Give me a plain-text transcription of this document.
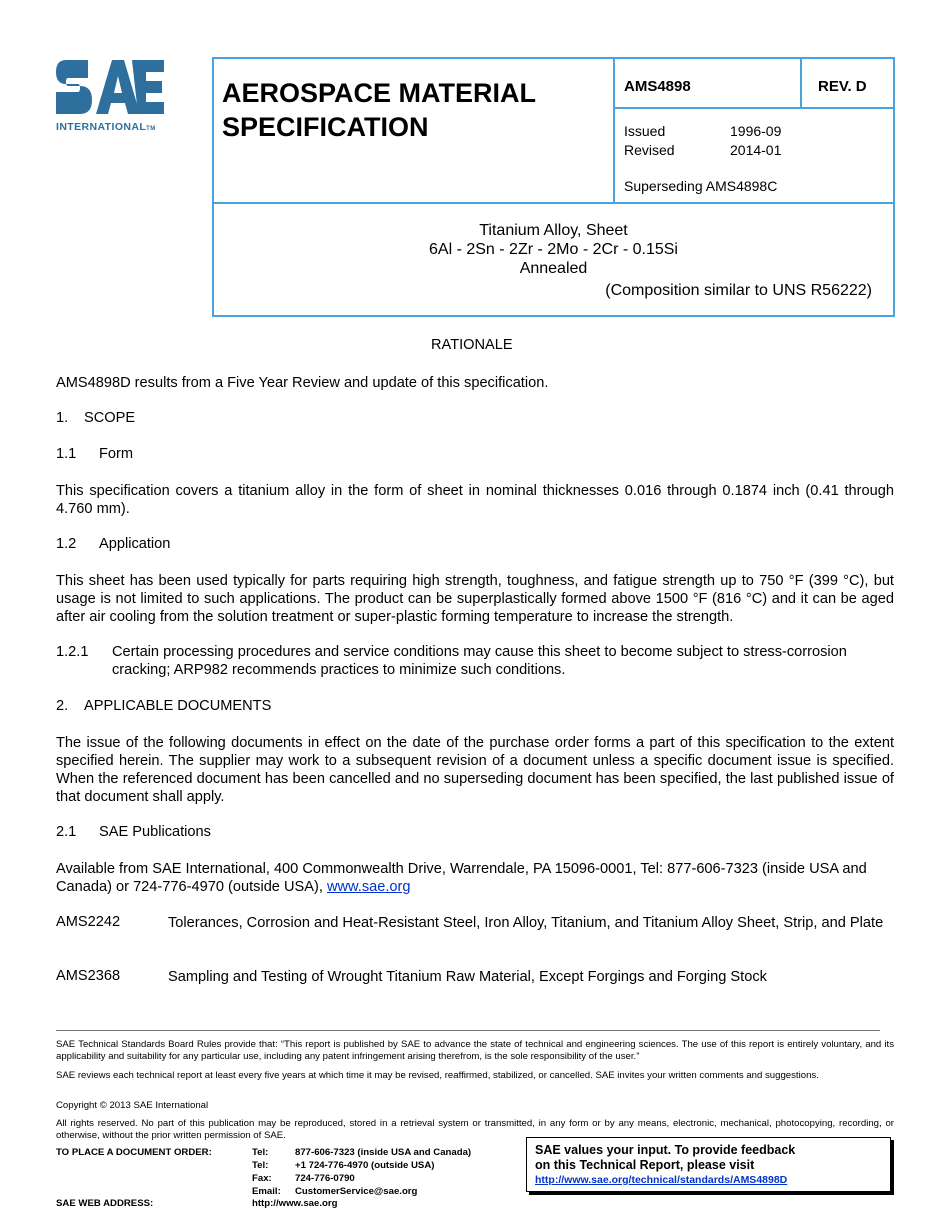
INTERNATIONALTM
AEROSPACE MATERIAL
SPECIFICATION
AMS4898	REV. D
Issued	1996-09
Revised	2014-01
Superseding AMS4898C
Titanium Alloy, Sheet
6Al - 2Sn - 2Zr - 2Mo - 2Cr - 0.15Si
Annealed
(Composition similar to UNS R56222)
RATIONALE
AMS4898D results from a Five Year Review and update of this specification.
1. SCOPE
1.1 Form
This specification covers a titanium alloy in the form of sheet in nominal thicknesses 0.016 through 0.1874 inch (0.41 through 4.760 mm).
1.2 Application
This sheet has been used typically for parts requiring high strength, toughness, and fatigue strength up to 750 °F (399 °C), but usage is not limited to such applications. The product can be superplastically formed above 1500 °F (816 °C) and it can be aged after air cooling from the solution treatment or super-plastic forming temperature to increase the strength.
1.2.1 Certain processing procedures and service conditions may cause this sheet to become subject to stress-corrosion
cracking; ARP982 recommends practices to minimize such conditions.
2. APPLICABLE DOCUMENTS
The issue of the following documents in effect on the date of the purchase order forms a part of this specification to the extent specified herein. The supplier may work to a subsequent revision of a document unless a specific document issue is specified. When the referenced document has been cancelled and no superseding document has been specified, the last published issue of that document shall apply.
2.1 SAE Publications
Available from SAE International, 400 Commonwealth Drive, Warrendale, PA 15096-0001, Tel: 877-606-7323 (inside USA and Canada) or 724-776-4970 (outside USA), www.sae.org
AMS2242	Tolerances, Corrosion and Heat-Resistant Steel, Iron Alloy, Titanium, and Titanium Alloy Sheet, Strip, and Plate
AMS2368	Sampling and Testing of Wrought Titanium Raw Material, Except Forgings and Forging Stock
SAE Technical Standards Board Rules provide that: “This report is published by SAE to advance the state of technical and engineering sciences. The use of this report is entirely voluntary, and its applicability and suitability for any particular use, including any patent infringement arising therefrom, is the sole responsibility of the user.”
SAE reviews each technical report at least every five years at which time it may be revised, reaffirmed, stabilized, or cancelled. SAE invites your written comments and suggestions.
Copyright © 2013 SAE International
All rights reserved. No part of this publication may be reproduced, stored in a retrieval system or transmitted, in any form or by any means, electronic, mechanical, photocopying, recording, or otherwise, without the prior written permission of SAE.
TO PLACE A DOCUMENT ORDER:	Tel:	877-606-7323 (inside USA and Canada)
Tel:	+1 724-776-4970 (outside USA)
Fax: 724-776-0790
Email: CustomerService@sae.org
SAE WEB ADDRESS:	http://www.sae.org
SAE values your input. To provide feedback
on this Technical Report, please visit
http://www.sae.org/technical/standards/AMS4898D
